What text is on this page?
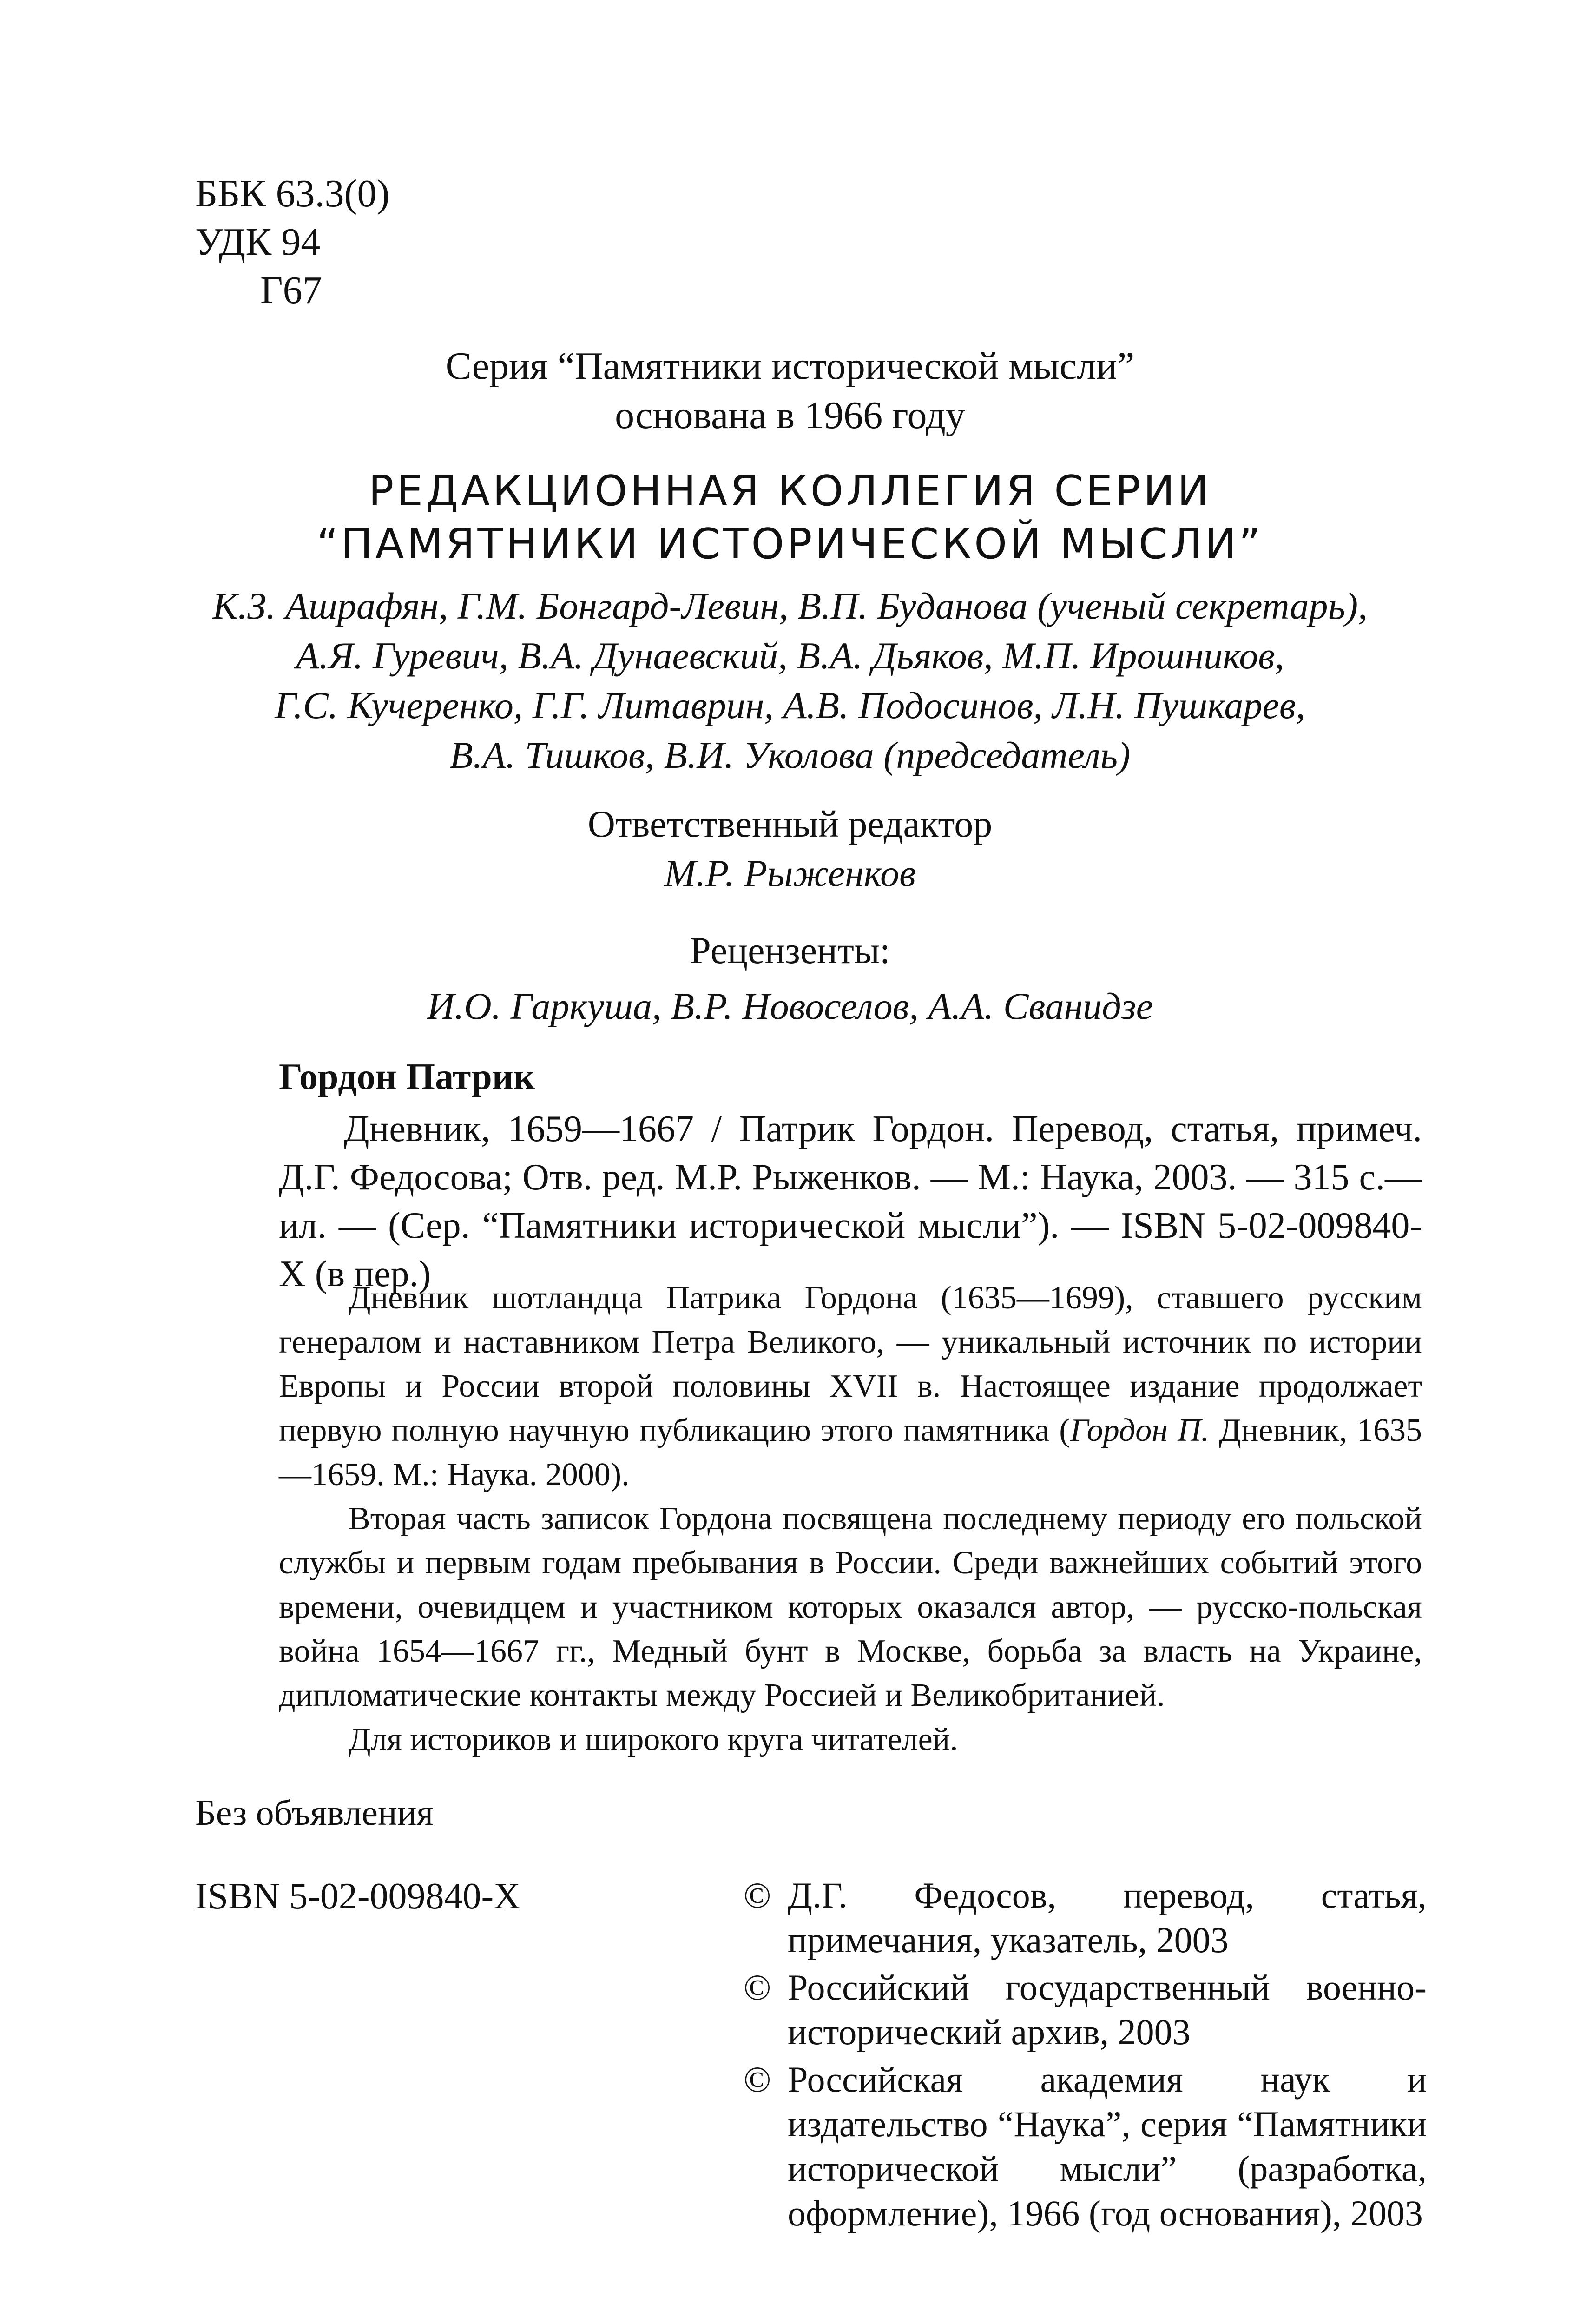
ББК 63.3(0)
УДК 94
Г67
Серия “Памятники исторической мысли”
основана в 1966 году
РЕДАКЦИОННАЯ КОЛЛЕГИЯ СЕРИИ
“ПАМЯТНИКИ ИСТОРИЧЕСКОЙ МЫСЛИ”
К.З. Ашрафян, Г.М. Бонгард-Левин, В.П. Буданова (ученый секретарь),
А.Я. Гуревич, В.А. Дунаевский, В.А. Дьяков, М.П. Ирошников,
Г.С. Кучеренко, Г.Г. Литаврин, А.В. Подосинов, Л.Н. Пушкарев,
В.А. Тишков, В.И. Уколова (председатель)
Ответственный редактор
М.Р. Рыженков
Рецензенты:
И.О. Гаркуша, В.Р. Новоселов, А.А. Сванидзе
Гордон Патрик

Дневник, 1659—1667 / Патрик Гордон. Перевод, статья, примеч. Д.Г. Федосова; Отв. ред. М.Р. Рыженков. — М.: Наука, 2003. — 315 с.— ил. — (Сер. “Памятники исторической мысли”). — ISBN 5-02-009840-Х (в пер.)

Дневник шотландца Патрика Гордона (1635—1699), ставшего русским генералом и наставником Петра Великого, — уникальный источник по истории Европы и России второй половины XVII в. Настоящее издание продолжает первую полную научную публикацию этого памятника (Гордон П. Дневник, 1635—1659. М.: Наука. 2000).

Вторая часть записок Гордона посвящена последнему периоду его польской службы и первым годам пребывания в России. Среди важнейших событий этого времени, очевидцем и участником которых оказался автор, — русско-польская война 1654—1667 гг., Медный бунт в Москве, борьба за власть на Украине, дипломатические контакты между Россией и Великобританией.

Для историков и широкого круга читателей.

Без объявления
ISBN 5-02-009840-Х	© Д.Г. Федосов, перевод, статья, примечания, указатель, 2003

© Российский государственный военно-исторический архив, 2003

© Российская академия наук и издательство “Наука”, серия “Памятники исторической мысли” (разработка, оформление), 1966 (год основания), 2003
